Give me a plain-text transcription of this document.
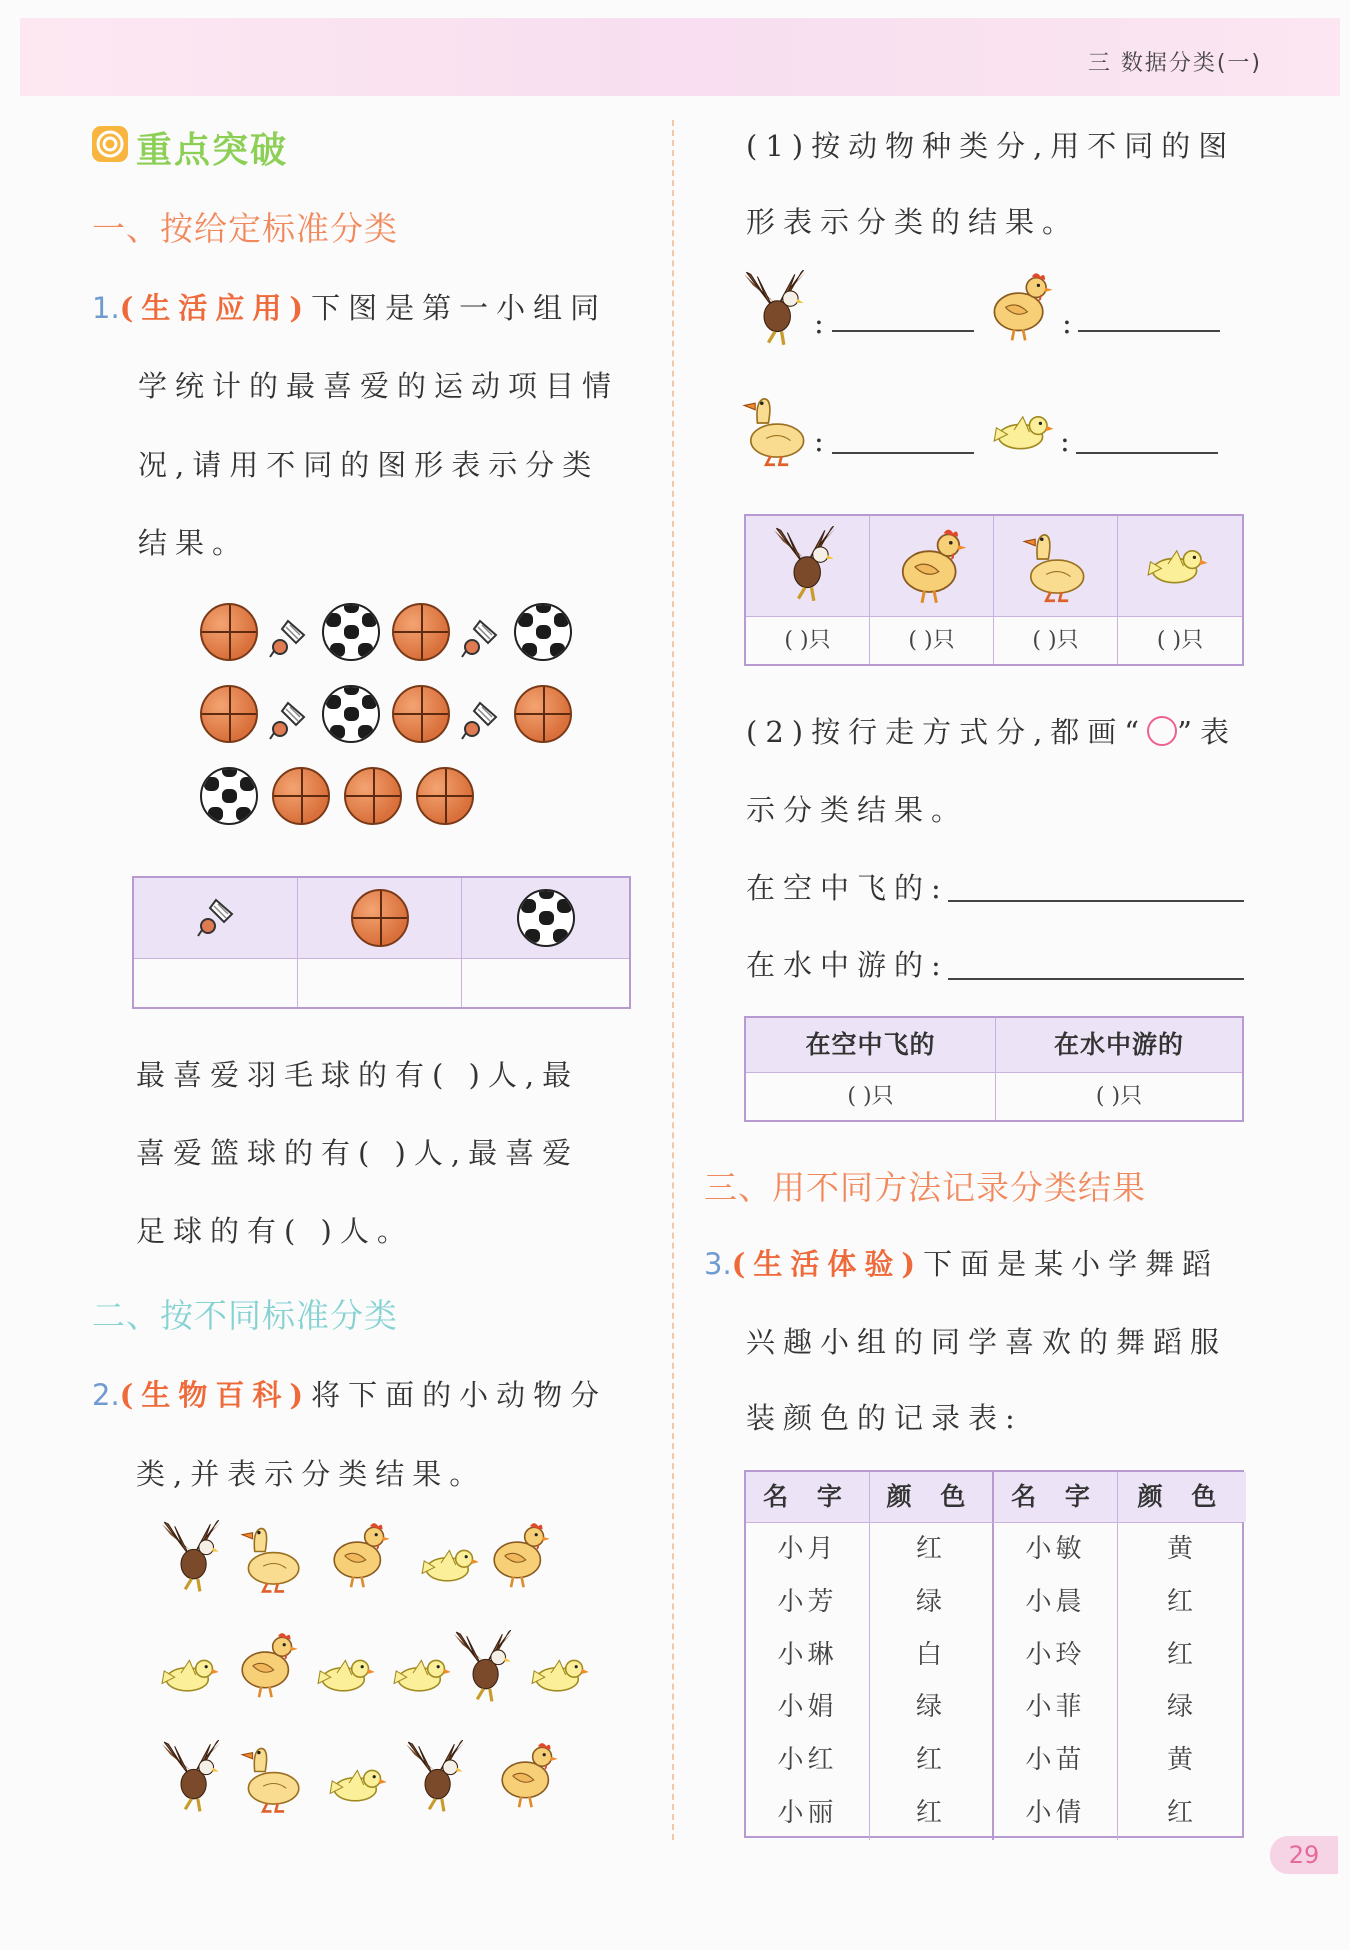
三 数据分类(一)
重点突破
一、按给定标准分类
1.(生活应用)下图是第一小组同
学统计的最喜爱的运动项目情
况,请用不同的图形表示分类
结果。
最喜爱羽毛球的有( )人,最
喜爱篮球的有( )人,最喜爱
足球的有( )人。
二、按不同标准分类
2.(生物百科)将下面的小动物分
类,并表示分类结果。
(1)按动物种类分,用不同的图
形表示分类的结果。
:	:
:	:
( )只	( )只	( )只	( )只
(2)按行走方式分,都画“ ”表
示分类结果。
在空中飞的:
在水中游的:
在空中飞的	在水中游的
( )只	( )只
三、用不同方法记录分类结果
3.(生活体验)下面是某小学舞蹈
兴趣小组的同学喜欢的舞蹈服
装颜色的记录表:
名 字	颜 色	名 字	颜 色
小月	红	小敏	黄
小芳	绿	小晨	红
小琳	白	小玲	红
小娟	绿	小菲	绿
小红	红	小苗	黄
小丽	红	小倩	红
29
